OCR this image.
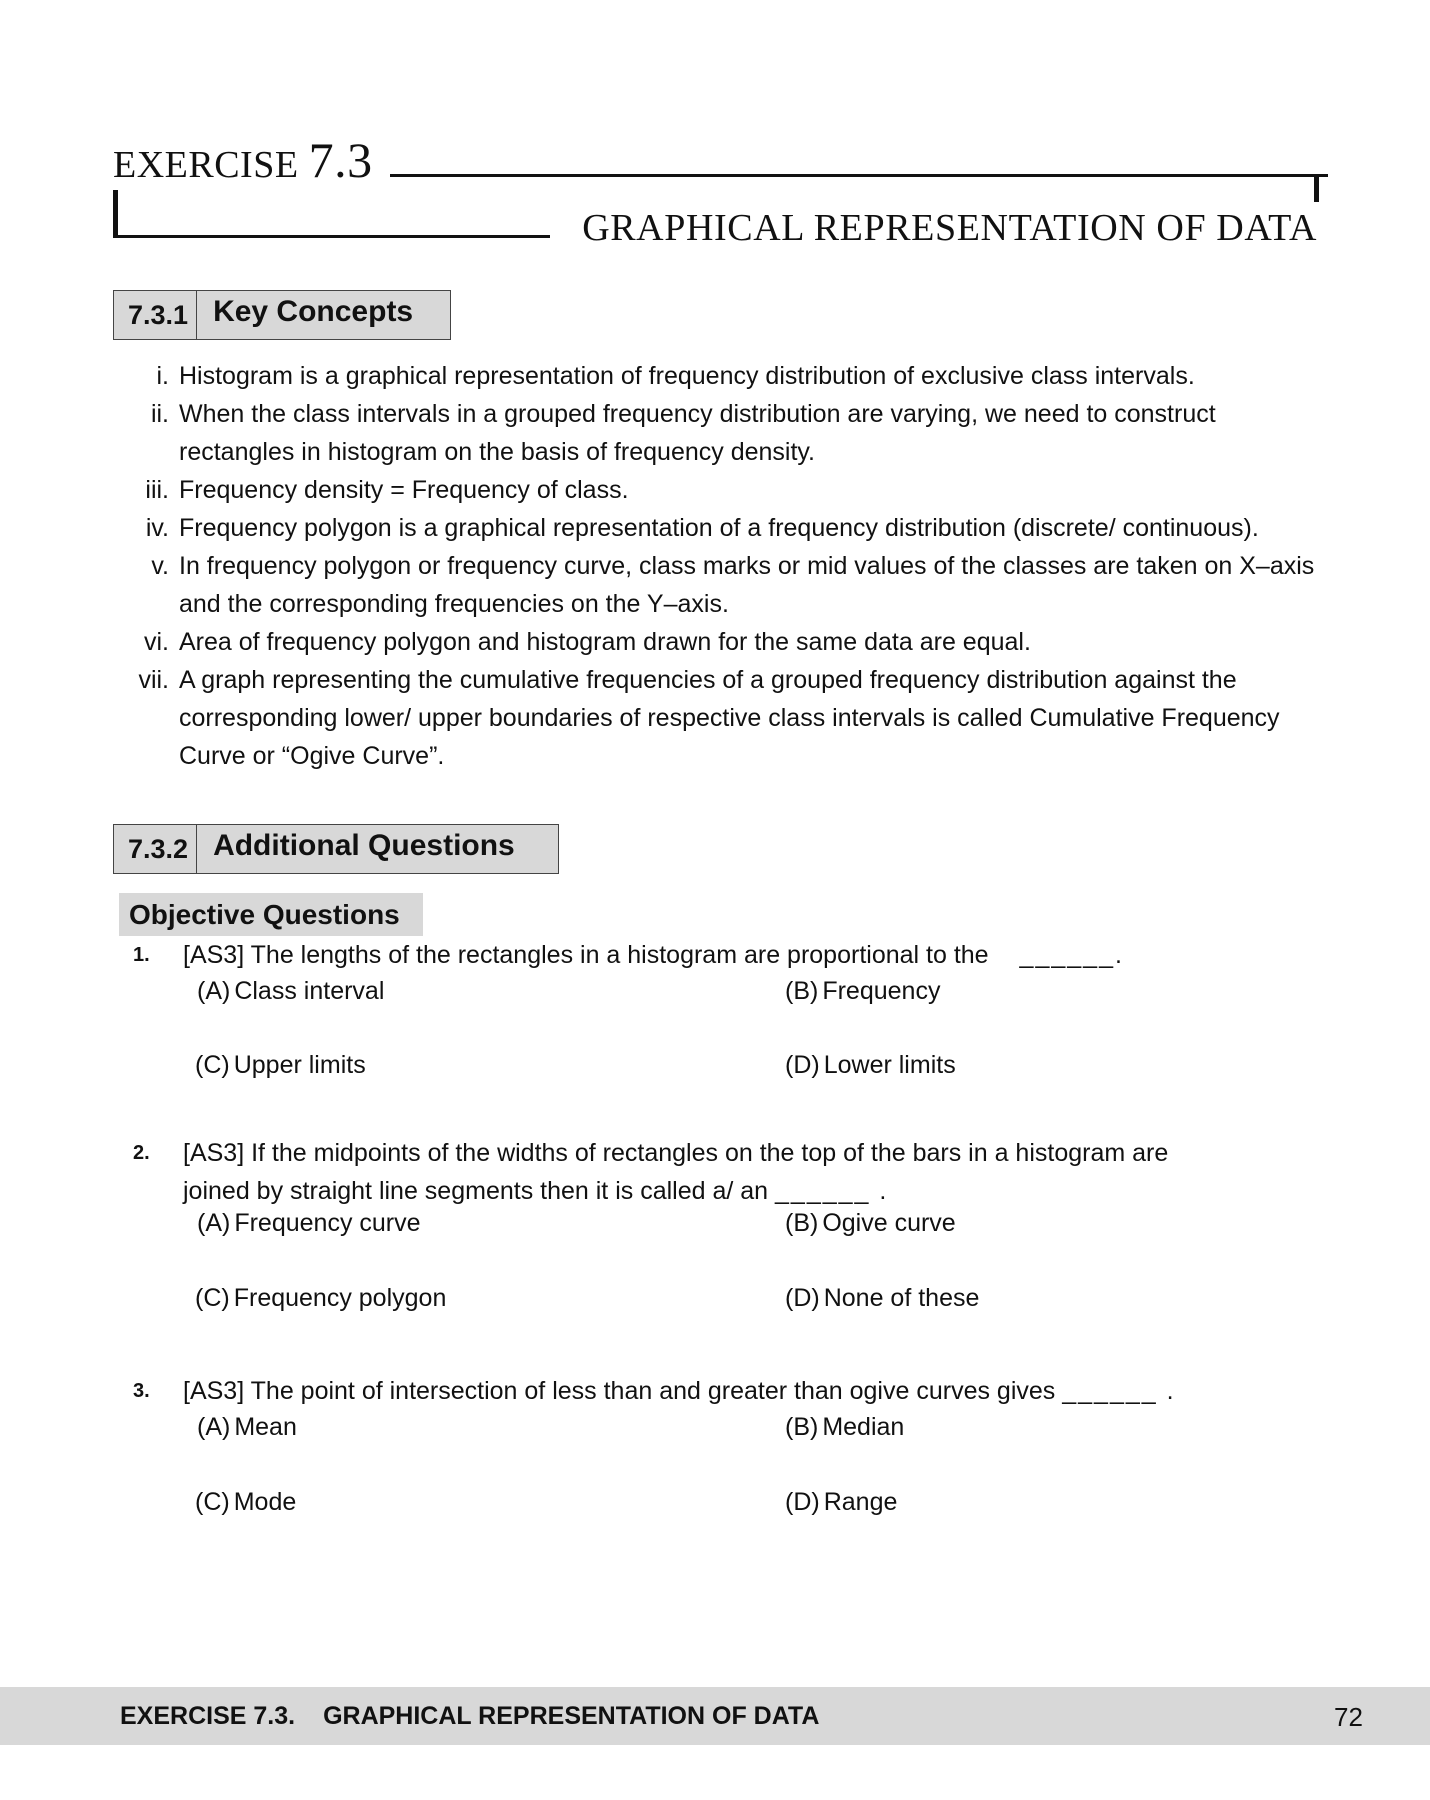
EXERCISE 7.3
GRAPHICAL REPRESENTATION OF DATA
7.3.1 Key Concepts
i. Histogram is a graphical representation of frequency distribution of exclusive class intervals.
ii. When the class intervals in a grouped frequency distribution are varying, we need to construct rectangles in histogram on the basis of frequency density.
iii. Frequency density = Frequency of class.
iv. Frequency polygon is a graphical representation of a frequency distribution (discrete/ continuous).
v. In frequency polygon or frequency curve, class marks or mid values of the classes are taken on X–axis and the corresponding frequencies on the Y–axis.
vi. Area of frequency polygon and histogram drawn for the same data are equal.
vii. A graph representing the cumulative frequencies of a grouped frequency distribution against the corresponding lower/ upper boundaries of respective class intervals is called Cumulative Frequency Curve or “Ogive Curve”.
7.3.2 Additional Questions
Objective Questions
1. [AS3] The lengths of the rectangles in a histogram are proportional to the ______.
(A) Class interval	(B) Frequency
(C) Upper limits	(D) Lower limits
2. [AS3] If the midpoints of the widths of rectangles on the top of the bars in a histogram are
joined by straight line segments then it is called a/ an ______ .
(A) Frequency curve	(B) Ogive curve
(C) Frequency polygon	(D) None of these
3. [AS3] The point of intersection of less than and greater than ogive curves gives ______ .
(A) Mean	(B) Median
(C) Mode	(D) Range
EXERCISE 7.3. GRAPHICAL REPRESENTATION OF DATA	72
